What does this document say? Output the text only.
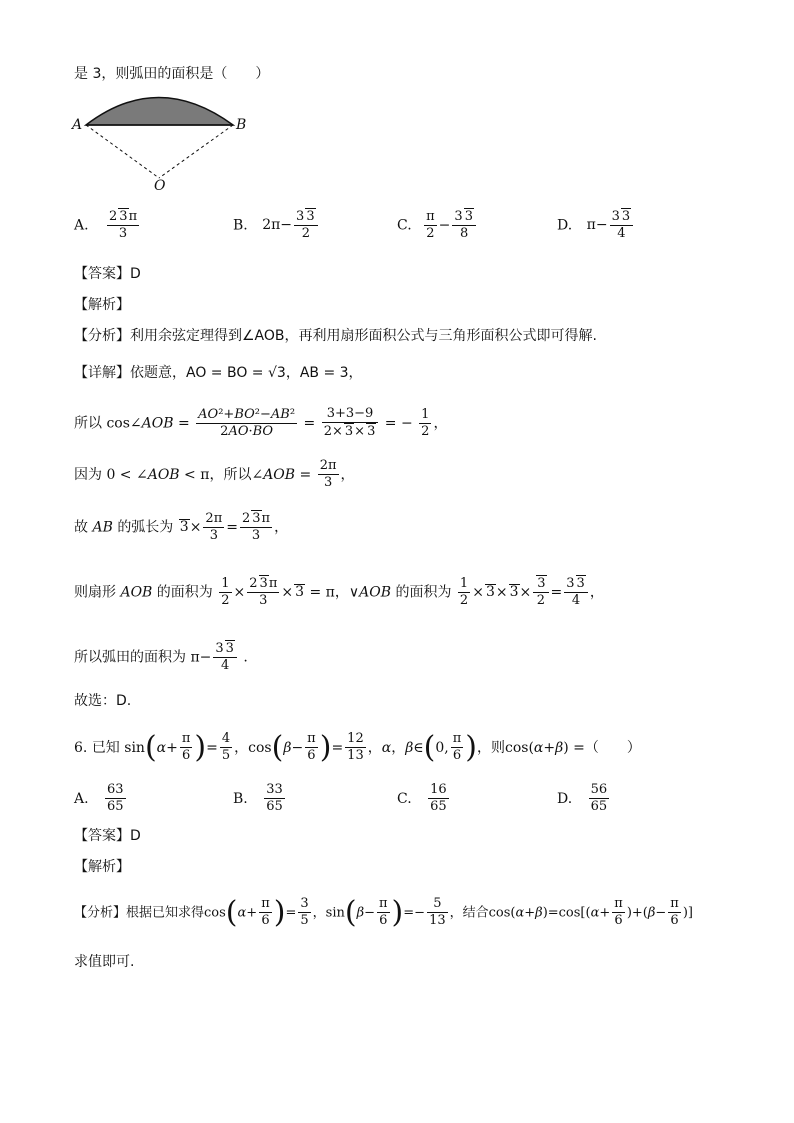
是 3，则弧田的面积是（　　）
A	B
O
A. $\frac{2 3\pi}{3}$	B. $2\pi- \frac{3 3}{2}$	C. $\frac{\pi}{2} - \frac{3 3}{8}$	D. $\pi- \frac{3 3}{4}$
【答案】D
【解析】
【分析】利用余弦定理得到∠AOB，再利用扇形面积公式与三角形面积公式即可得解.
【详解】依题意，AO = BO = √3，AB = 3，
所以 cos∠AOB = $\frac{\text{AO²+BO²−AB²}}{2AO\cdot BO} = \frac{3+3-9}{2\times 3\times 3}$ = − $\frac{1}{2}$ ，
因为 0 < ∠AOB < π，所以∠AOB = $\frac{2\pi}{3}$ ，
故 AB 的弧长为 $3\times \frac{2\pi}{3} = \frac{2 3\pi}{3}$ ，
则扇形 AOB 的面积为 $\frac{1}{2} \times \frac{2 3\pi}{3} \times 3 = \pi$，∨AOB 的面积为 $\frac{1}{2} \times 3\times 3\times \frac{3}{2} = \frac{3 3}{4}$ ，
所以弧田的面积为 $\pi- \frac{3 3}{4}$ .
故选：D.
6. 已知 $\sin(\alpha+ \frac{\pi}{6}$ )= $\frac{4}{5}$ ，$\cos(\beta- \frac{\pi}{6}$ )= $\frac{12}{13}$ ，α，β∈(0, $\frac{\pi}{6}$ )，则cos(α+β) =（　　）
A. $\frac{63}{65}$	B. $\frac{33}{65}$	C. $\frac{16}{65}$	D. $\frac{56}{65}$
【答案】D
【解析】
【分析】根据已知求得$\cos(\alpha+ \frac{\pi}{6}$ )= $\frac{3}{5}$ ，$\sin(\beta- \frac{\pi}{6}$ )=− $\frac{5}{13}$ ，结合$\cos(\alpha+\beta)=\cos[(\alpha+ \frac{\pi}{6} )+(\beta- \frac{\pi}{6}$ )]
求值即可.
